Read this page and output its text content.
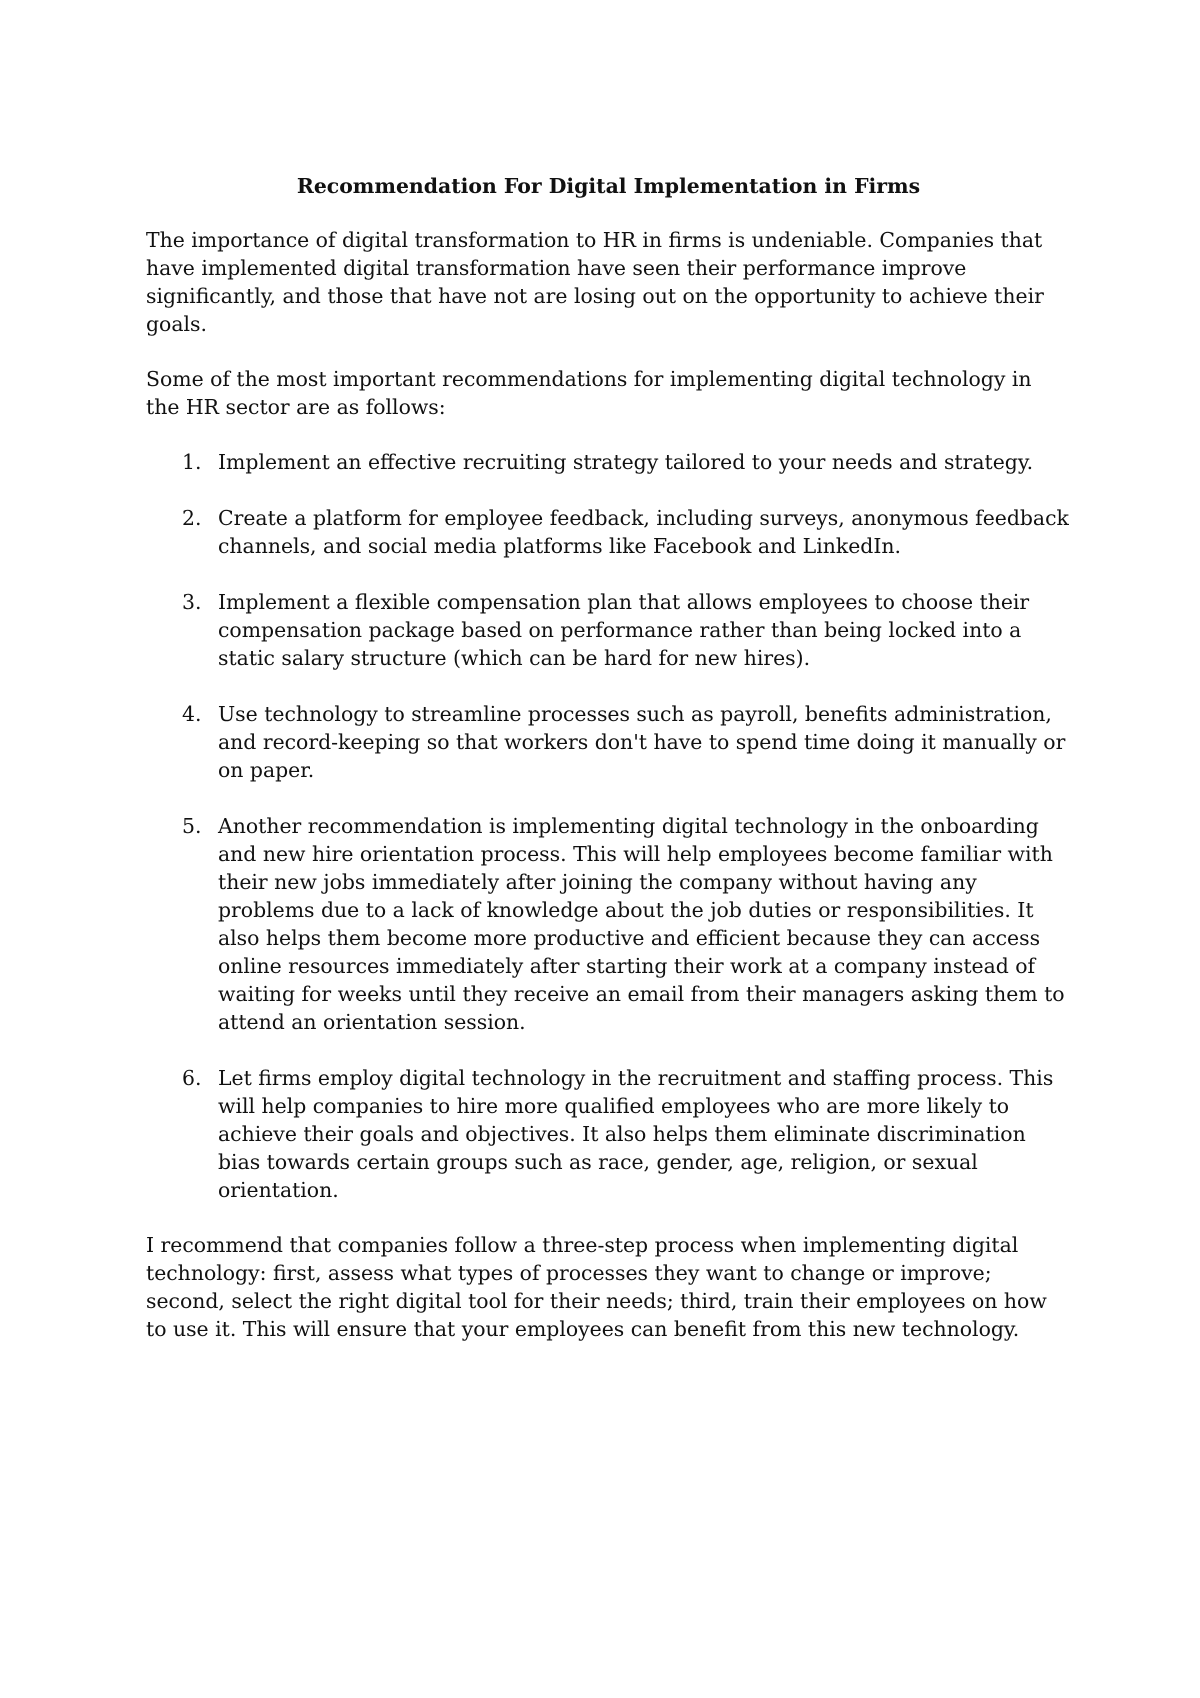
Recommendation For Digital Implementation in Firms

The importance of digital transformation to HR in firms is undeniable. Companies that have implemented digital transformation have seen their performance improve significantly, and those that have not are losing out on the opportunity to achieve their goals.

Some of the most important recommendations for implementing digital technology in the HR sector are as follows:

1. Implement an effective recruiting strategy tailored to your needs and strategy.
2. Create a platform for employee feedback, including surveys, anonymous feedback channels, and social media platforms like Facebook and LinkedIn.
3. Implement a flexible compensation plan that allows employees to choose their compensation package based on performance rather than being locked into a static salary structure (which can be hard for new hires).
4. Use technology to streamline processes such as payroll, benefits administration, and record-keeping so that workers don't have to spend time doing it manually or on paper.
5. Another recommendation is implementing digital technology in the onboarding and new hire orientation process. This will help employees become familiar with their new jobs immediately after joining the company without having any problems due to a lack of knowledge about the job duties or responsibilities. It also helps them become more productive and efficient because they can access online resources immediately after starting their work at a company instead of waiting for weeks until they receive an email from their managers asking them to attend an orientation session.
6. Let firms employ digital technology in the recruitment and staffing process. This will help companies to hire more qualified employees who are more likely to achieve their goals and objectives. It also helps them eliminate discrimination bias towards certain groups such as race, gender, age, religion, or sexual orientation.

I recommend that companies follow a three-step process when implementing digital technology: first, assess what types of processes they want to change or improve; second, select the right digital tool for their needs; third, train their employees on how to use it. This will ensure that your employees can benefit from this new technology.
